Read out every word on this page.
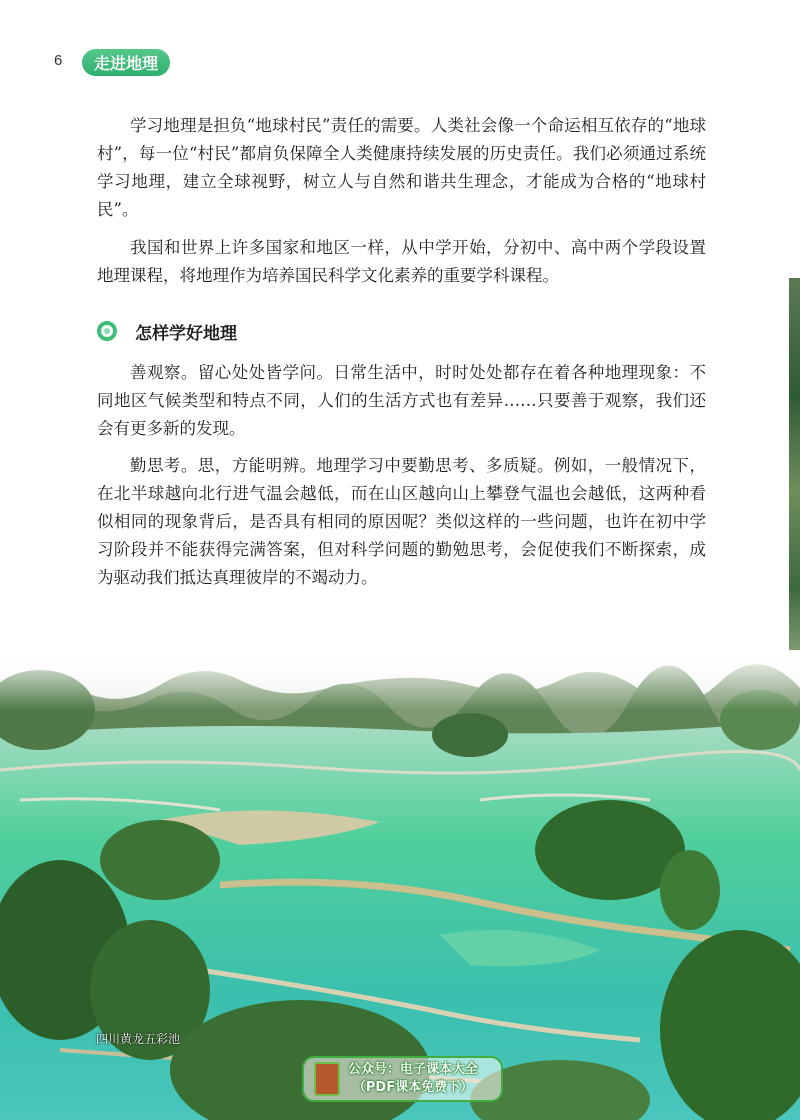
6	走进地理

学习地理是担负“地球村民”责任的需要。人类社会像一个命运相互依存的“地球村”，每一位“村民”都肩负保障全人类健康持续发展的历史责任。我们必须通过系统学习地理，建立全球视野，树立人与自然和谐共生理念，才能成为合格的“地球村民”。

我国和世界上许多国家和地区一样，从中学开始，分初中、高中两个学段设置地理课程，将地理作为培养国民科学文化素养的重要学科课程。

怎样学好地理

善观察。留心处处皆学问。日常生活中，时时处处都存在着各种地理现象：不同地区气候类型和特点不同，人们的生活方式也有差异……只要善于观察，我们还会有更多新的发现。

勤思考。思，方能明辨。地理学习中要勤思考、多质疑。例如，一般情况下，在北半球越向北行进气温会越低，而在山区越向山上攀登气温也会越低，这两种看似相同的现象背后，是否具有相同的原因呢？类似这样的一些问题，也许在初中学习阶段并不能获得完满答案，但对科学问题的勤勉思考，会促使我们不断探索，成为驱动我们抵达真理彼岸的不竭动力。

四川黄龙五彩池
公众号：电子课本大全
（PDF课本免费下）
